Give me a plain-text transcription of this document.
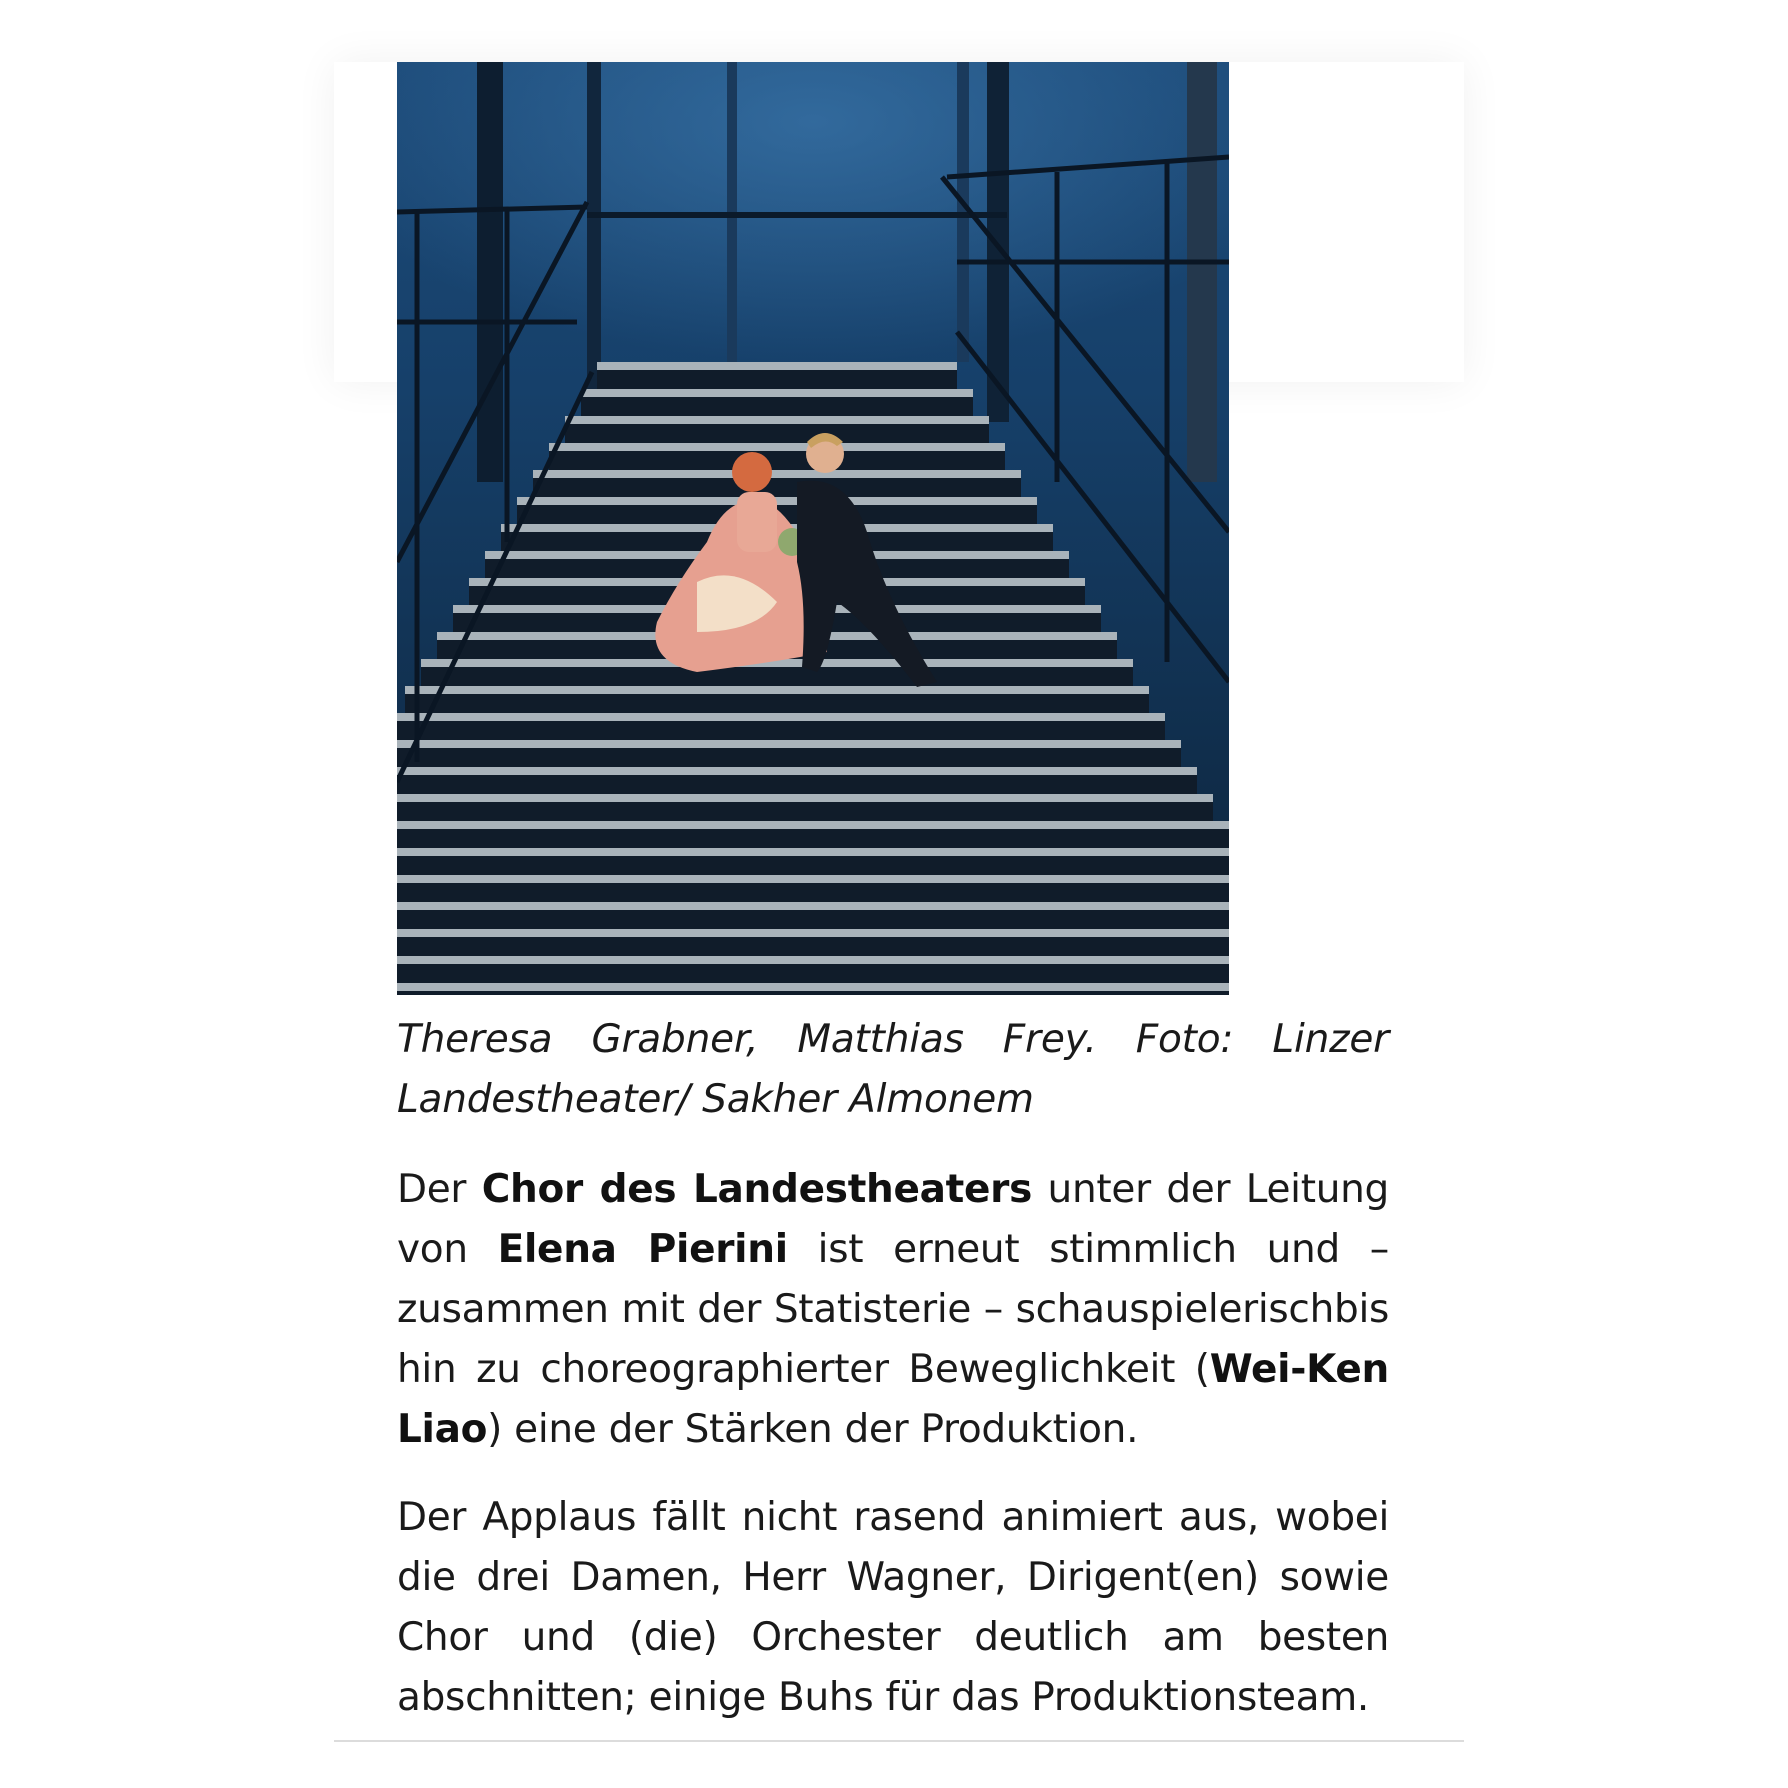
Theresa Grabner, Matthias Frey. Foto: Linzer Landestheater/ Sakher Almonem

Der Chor des Landestheaters unter der Leitung von Elena Pierini ist erneut stimmlich und – zusammen mit der Statisterie – schauspielerischbis hin zu choreographierter Beweglichkeit (Wei-Ken Liao) eine der Stärken der Produktion.

Der Applaus fällt nicht rasend animiert aus, wobei die drei Damen, Herr Wagner, Dirigent(en) sowie Chor und (die) Orchester deutlich am besten abschnitten; einige Buhs für das Produktionsteam.
